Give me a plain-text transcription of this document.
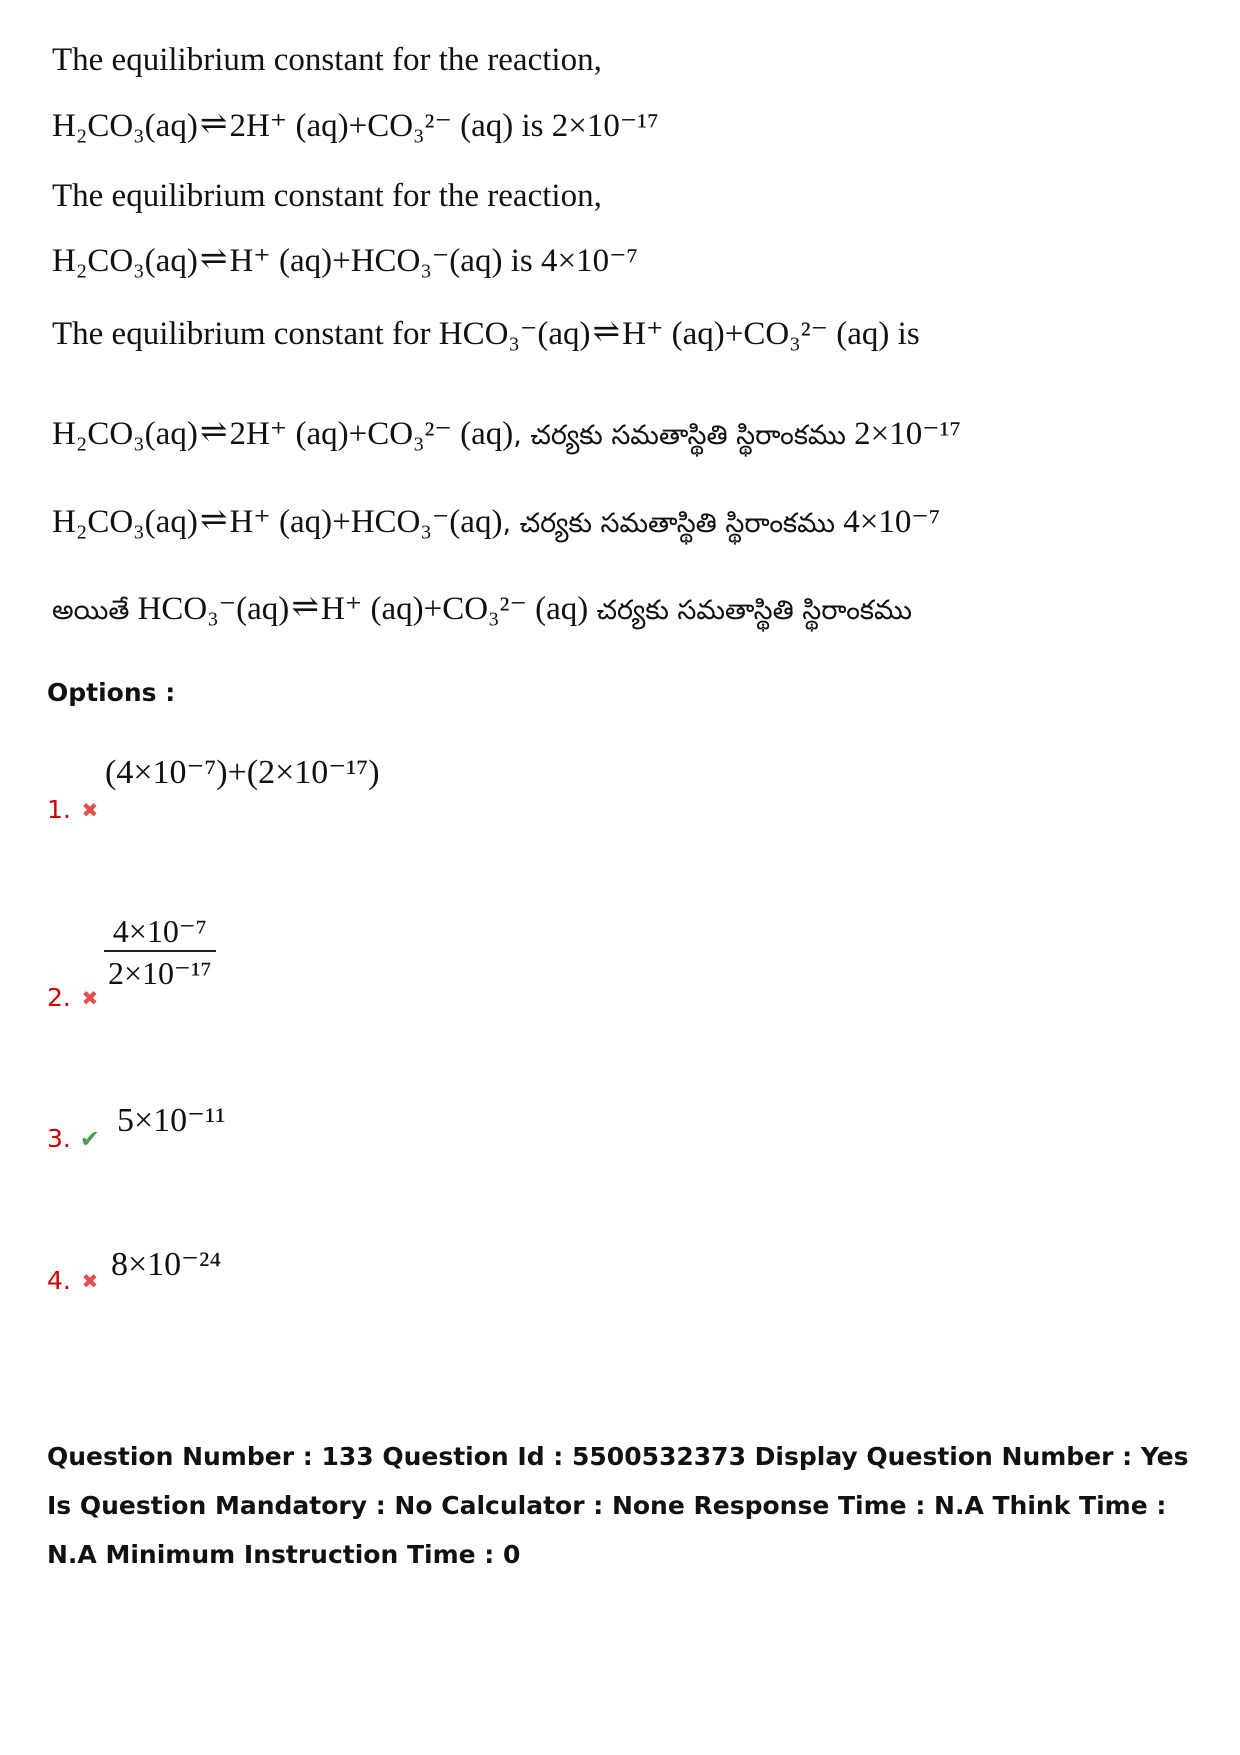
The equilibrium constant for the reaction,
H₂CO₃(aq)⇌2H⁺ (aq)+CO₃²⁻ (aq) is 2×10⁻¹⁷
The equilibrium constant for the reaction,
H₂CO₃(aq)⇌H⁺ (aq)+HCO₃⁻(aq) is 4×10⁻⁷
The equilibrium constant for HCO₃⁻(aq)⇌H⁺ (aq)+CO₃²⁻ (aq) is
H₂CO₃(aq)⇌2H⁺ (aq)+CO₃²⁻ (aq), చర్యకు సమతాస్థితి స్థిరాంకము 2×10⁻¹⁷
H₂CO₃(aq)⇌H⁺ (aq)+HCO₃⁻(aq), చర్యకు సమతాస్థితి స్థిరాంకము 4×10⁻⁷
అయితే HCO₃⁻(aq)⇌H⁺ (aq)+CO₃²⁻ (aq) చర్యకు సమతాస్థితి స్థిరాంకము
Options :
1. ✖
(4×10⁻⁷)+(2×10⁻¹⁷)
2. ✖
$\frac{\text{4×10⁻⁷}}{\text{2×10⁻¹⁷}}$
3. ✔ 5×10⁻¹¹
4. ✖ 8×10⁻²⁴
Question Number : 133 Question Id : 5500532373 Display Question Number : Yes Is Question Mandatory : No Calculator : None Response Time : N.A Think Time : N.A Minimum Instruction Time : 0
